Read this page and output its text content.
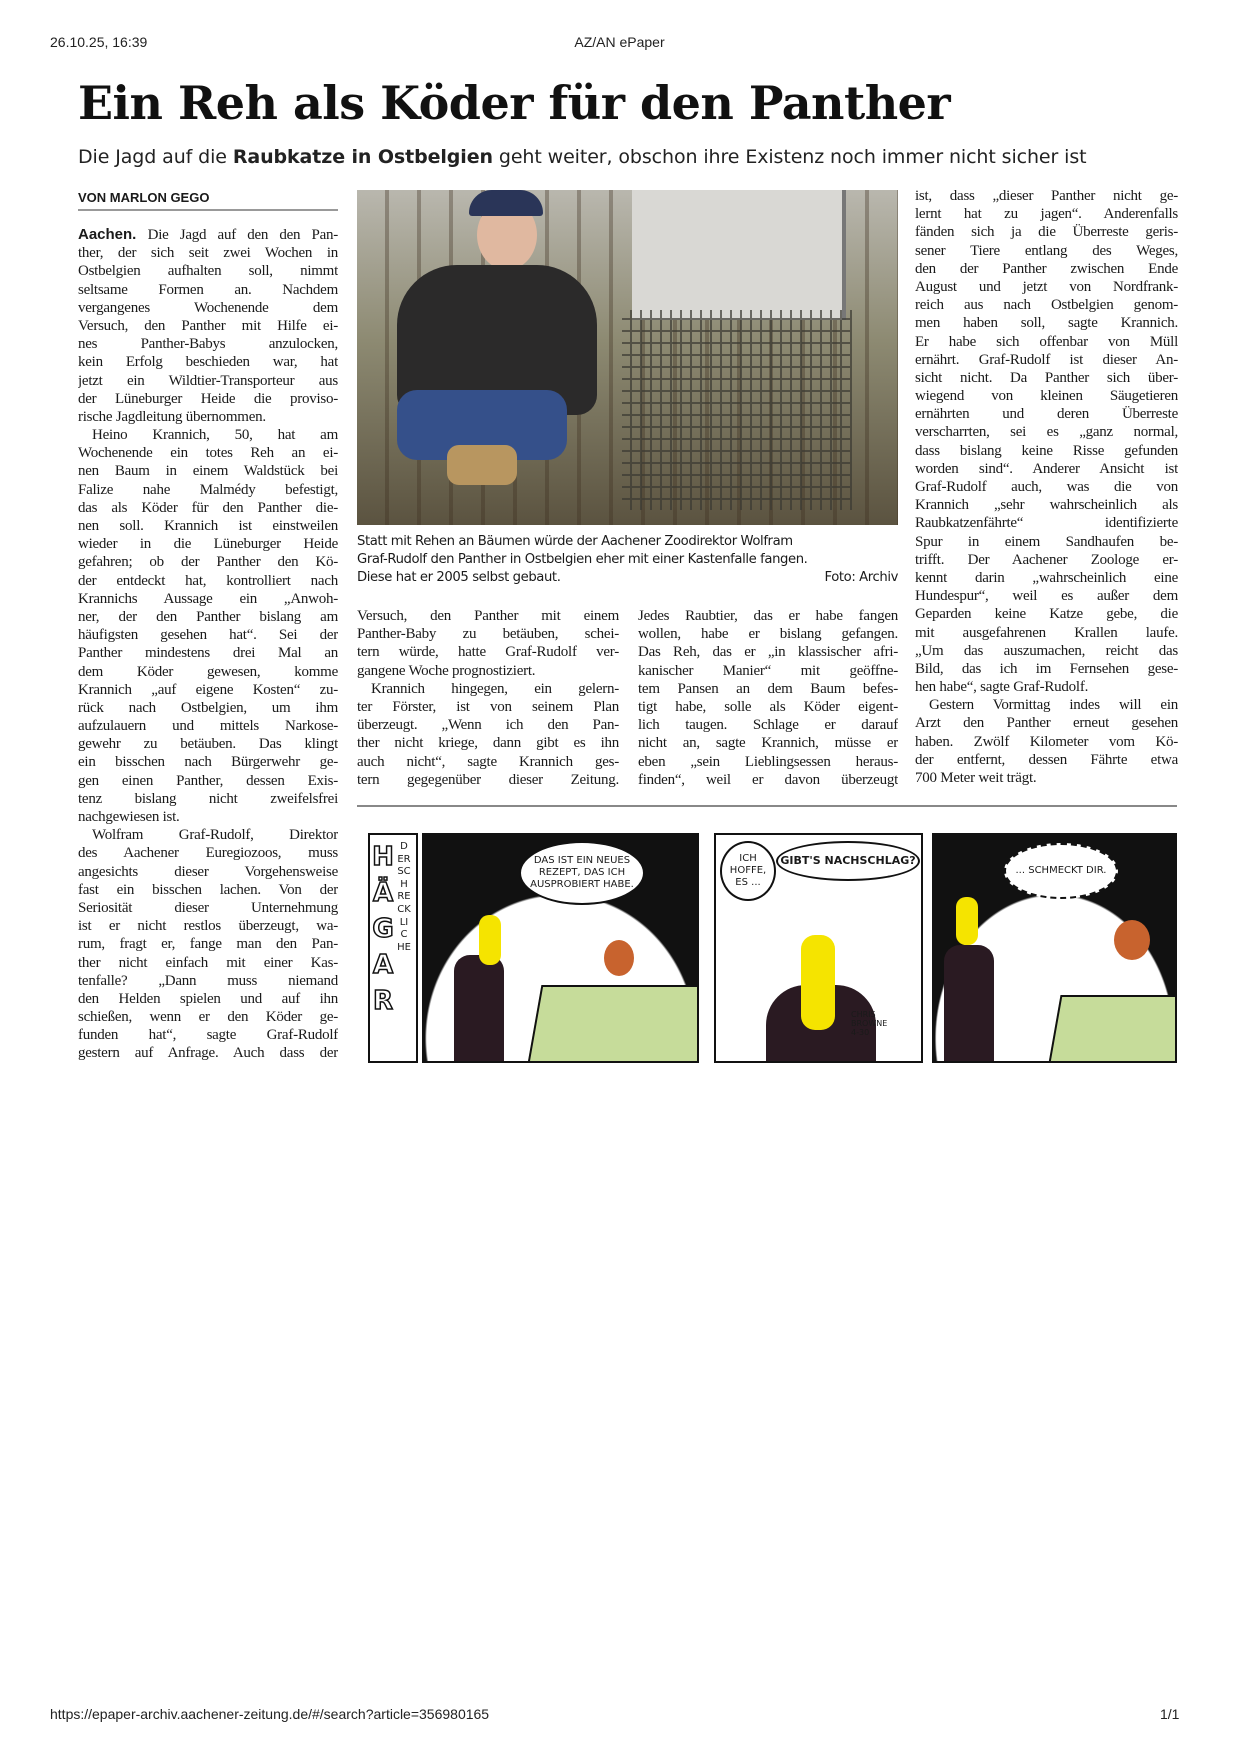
26.10.25, 16:39	AZ/AN ePaper
Ein Reh als Köder für den Panther
Die Jagd auf die Raubkatze in Ostbelgien geht weiter, obschon ihre Existenz noch immer nicht sicher ist
VON MARLON GEGO
Aachen. Die Jagd auf den den Pan-
ther, der sich seit zwei Wochen in
Ostbelgien aufhalten soll, nimmt
seltsame Formen an. Nachdem
vergangenes Wochenende dem
Versuch, den Panther mit Hilfe ei-
nes Panther-Babys anzulocken,
kein Erfolg beschieden war, hat
jetzt ein Wildtier-Transporteur aus
der Lüneburger Heide die proviso-
rische Jagdleitung übernommen.
Heino Krannich, 50, hat am
Wochenende ein totes Reh an ei-
nen Baum in einem Waldstück bei
Falize nahe Malmédy befestigt,
das als Köder für den Panther die-
nen soll. Krannich ist einstweilen
wieder in die Lüneburger Heide
gefahren; ob der Panther den Kö-
der entdeckt hat, kontrolliert nach
Krannichs Aussage ein „Anwoh-
ner, der den Panther bislang am
häufigsten gesehen hat“. Sei der
Panther mindestens drei Mal an
dem Köder gewesen, komme
Krannich „auf eigene Kosten“ zu-
rück nach Ostbelgien, um ihm
aufzulauern und mittels Narkose-
gewehr zu betäuben. Das klingt
ein bisschen nach Bürgerwehr ge-
gen einen Panther, dessen Exis-
tenz bislang nicht zweifelsfrei
nachgewiesen ist.
Wolfram Graf-Rudolf, Direktor
des Aachener Euregiozoos, muss
angesichts dieser Vorgehensweise
fast ein bisschen lachen. Von der
Seriosität dieser Unternehmung
ist er nicht restlos überzeugt, wa-
rum, fragt er, fange man den Pan-
ther nicht einfach mit einer Kas-
tenfalle? „Dann muss niemand
den Helden spielen und auf ihn
schießen, wenn er den Köder ge-
funden hat“, sagte Graf-Rudolf
gestern auf Anfrage. Auch dass der
Statt mit Rehen an Bäumen würde der Aachener Zoodirektor Wolfram
Graf-Rudolf den Panther in Ostbelgien eher mit einer Kastenfalle fangen.
Diese hat er 2005 selbst gebaut.	Foto: Archiv
Versuch, den Panther mit einem
Panther-Baby zu betäuben, schei-
tern würde, hatte Graf-Rudolf ver-
gangene Woche prognostiziert.
Krannich hingegen, ein gelern-
ter Förster, ist von seinem Plan
überzeugt. „Wenn ich den Pan-
ther nicht kriege, dann gibt es ihn
auch nicht“, sagte Krannich ges-
tern gegegenüber dieser Zeitung.
Jedes Raubtier, das er habe fangen
wollen, habe er bislang gefangen.
Das Reh, das er „in klassischer afri-
kanischer Manier“ mit geöffne-
tem Pansen an dem Baum befes-
tigt habe, solle als Köder eigent-
lich taugen. Schlage er darauf
nicht an, sagte Krannich, müsse er
eben „sein Lieblingsessen heraus-
finden“, weil er davon überzeugt
ist, dass „dieser Panther nicht ge-
lernt hat zu jagen“. Anderenfalls
fänden sich ja die Überreste geris-
sener Tiere entlang des Weges,
den der Panther zwischen Ende
August und jetzt von Nordfrank-
reich aus nach Ostbelgien genom-
men haben soll, sagte Krannich.
Er habe sich offenbar von Müll
ernährt. Graf-Rudolf ist dieser An-
sicht nicht. Da Panther sich über-
wiegend von kleinen Säugetieren
ernährten und deren Überreste
verscharrten, sei es „ganz normal,
dass bislang keine Risse gefunden
worden sind“. Anderer Ansicht ist
Graf-Rudolf auch, was die von
Krannich „sehr wahrscheinlich als
Raubkatzenfährte“ identifizierte
Spur in einem Sandhaufen be-
trifft. Der Aachener Zoologe er-
kennt darin „wahrscheinlich eine
Hundespur“, weil es außer dem
Geparden keine Katze gebe, die
mit ausgefahrenen Krallen laufe.
„Um das auszumachen, reicht das
Bild, das ich im Fernsehen gese-
hen habe“, sagte Graf-Rudolf.
Gestern Vormittag indes will ein
Arzt den Panther erneut gesehen
haben. Zwölf Kilometer vom Kö-
der entfernt, dessen Fährte etwa
700 Meter weit trägt.
HÄGAR
DER SCHRECKLICHE
DAS IST EIN NEUES REZEPT, DAS ICH AUSPROBIERT HABE.
ICH HOFFE, ES ...
GIBT'S NACHSCHLAG?
CHRIS BROWNE 4-30
... SCHMECKT DIR.
https://epaper-archiv.aachener-zeitung.de/#/search?article=356980165	1/1
